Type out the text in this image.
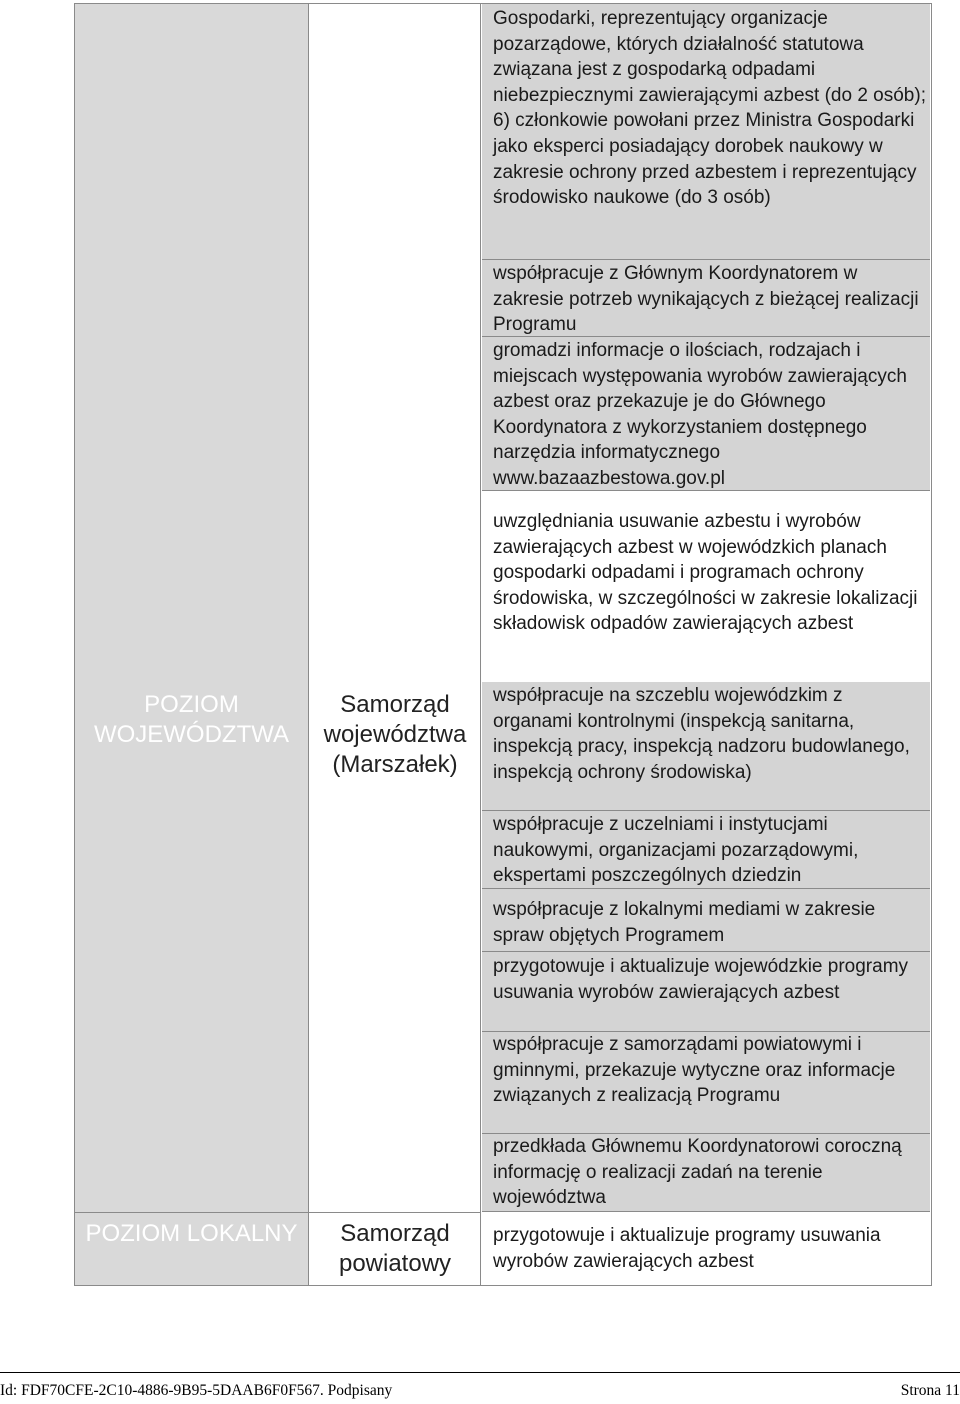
POZIOM WOJEWÓDZTWA
POZIOM LOKALNY
Samorząd województwa (Marszałek)
Samorząd powiatowy
Gospodarki, reprezentujący organizacje pozarządowe, których działalność statutowa związana jest z gospodarką odpadami niebezpiecznymi zawierającymi azbest (do 2 osób); 6) członkowie powołani przez Ministra Gospodarki jako eksperci posiadający dorobek naukowy w zakresie ochrony przed azbestem i reprezentujący środowisko naukowe (do 3 osób)
współpracuje z Głównym Koordynatorem w zakresie potrzeb wynikających z bieżącej realizacji Programu
gromadzi informacje o ilościach, rodzajach i miejscach występowania wyrobów zawierających azbest oraz przekazuje je do Głównego Koordynatora z wykorzystaniem dostępnego narzędzia informatycznego www.bazaazbestowa.gov.pl
uwzględniania usuwanie azbestu i wyrobów zawierających azbest w wojewódzkich planach gospodarki odpadami i programach ochrony środowiska, w szczególności w zakresie lokalizacji składowisk odpadów zawierających azbest
współpracuje na szczeblu wojewódzkim z organami kontrolnymi (inspekcją sanitarna, inspekcją pracy, inspekcją nadzoru budowlanego, inspekcją ochrony środowiska)
współpracuje z uczelniami i instytucjami naukowymi, organizacjami pozarządowymi, ekspertami poszczególnych dziedzin
współpracuje z lokalnymi mediami w zakresie spraw objętych Programem
przygotowuje i aktualizuje wojewódzkie programy usuwania wyrobów zawierających azbest
współpracuje z samorządami powiatowymi i gminnymi, przekazuje wytyczne oraz informacje związanych z realizacją Programu
przedkłada Głównemu Koordynatorowi coroczną informację o realizacji zadań na terenie województwa
przygotowuje i aktualizuje programy usuwania wyrobów zawierających azbest
Id: FDF70CFE-2C10-4886-9B95-5DAAB6F0F567. Podpisany	Strona 11
